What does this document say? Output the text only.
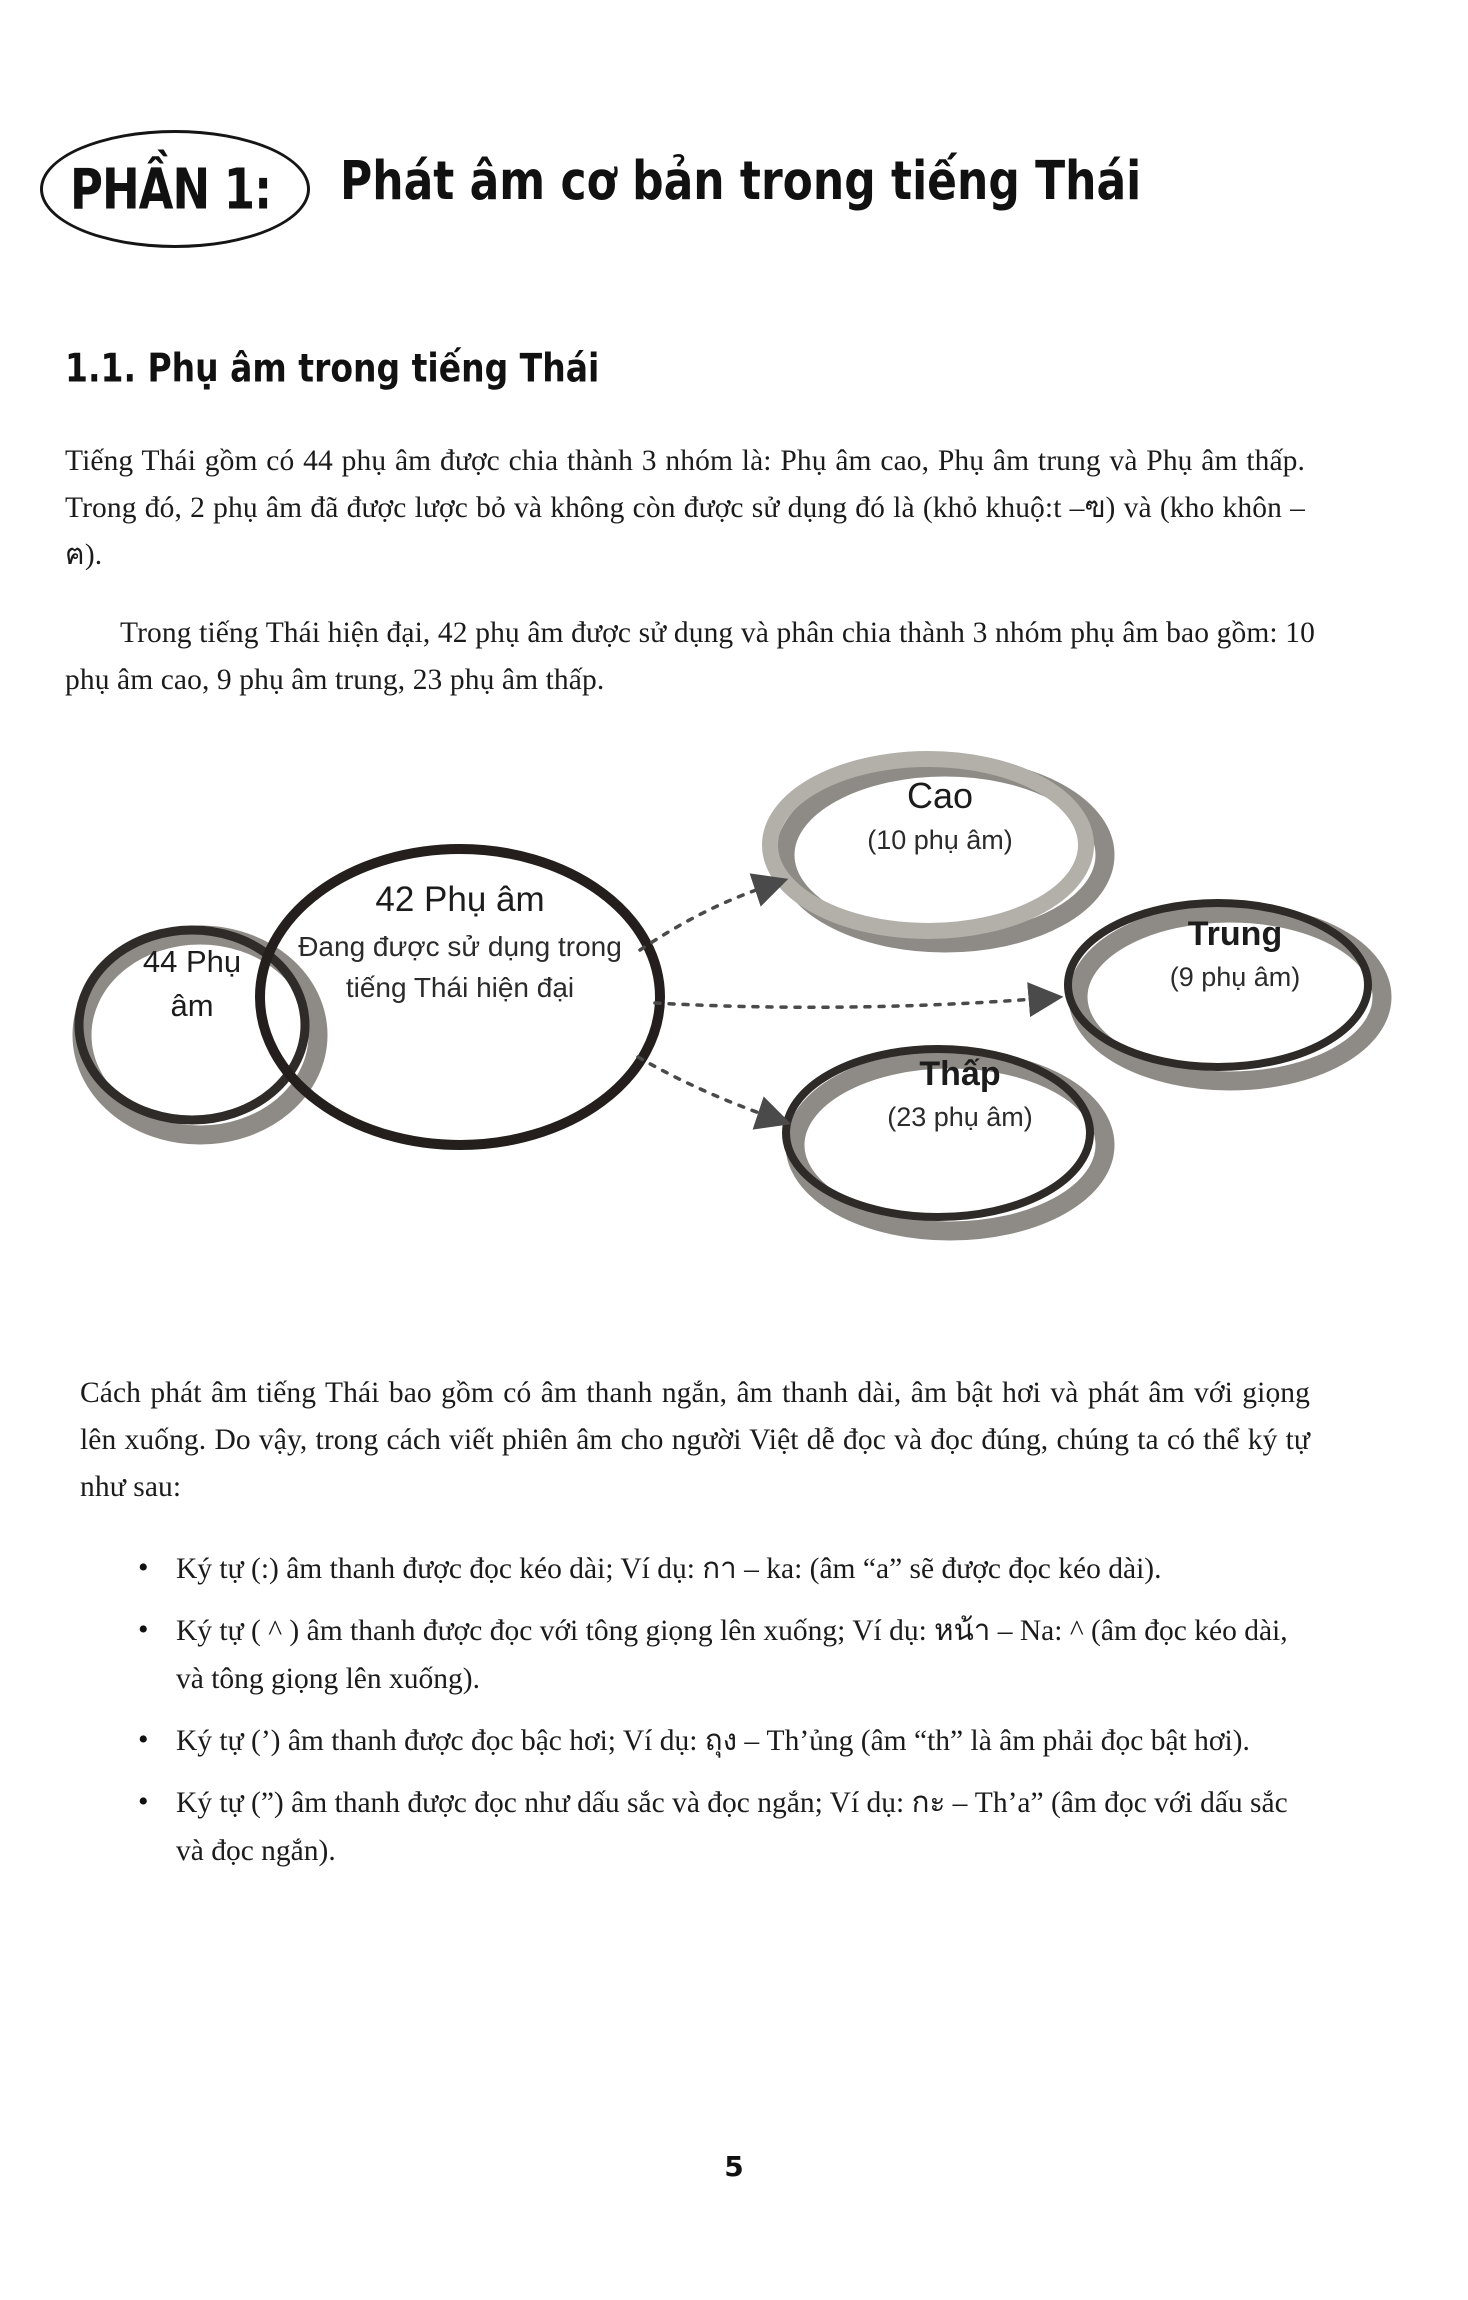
PHẦN 1: Phát âm cơ bản trong tiếng Thái
1.1. Phụ âm trong tiếng Thái
Tiếng Thái gồm có 44 phụ âm được chia thành 3 nhóm là: Phụ âm cao, Phụ âm trung và Phụ âm thấp. Trong đó, 2 phụ âm đã được lược bỏ và không còn được sử dụng đó là (khỏ khuộ:t –ฃ) và (kho khôn –ฅ).
Trong tiếng Thái hiện đại, 42 phụ âm được sử dụng và phân chia thành 3 nhóm phụ âm bao gồm: 10 phụ âm cao, 9 phụ âm trung, 23 phụ âm thấp.
44 Phụ
âm
42 Phụ âm
Đang được sử dụng trong tiếng Thái hiện đại
Cao
(10 phụ âm)
Trung
(9 phụ âm)
Thấp
(23 phụ âm)
Cách phát âm tiếng Thái bao gồm có âm thanh ngắn, âm thanh dài, âm bật hơi và phát âm với giọng lên xuống. Do vậy, trong cách viết phiên âm cho người Việt dễ đọc và đọc đúng, chúng ta có thể ký tự như sau:
• Ký tự (:) âm thanh được đọc kéo dài; Ví dụ: กา – ka: (âm “a” sẽ được đọc kéo dài).
• Ký tự ( ^ ) âm thanh được đọc với tông giọng lên xuống; Ví dụ: หน้า – Na: ^ (âm đọc kéo dài, và tông giọng lên xuống).
• Ký tự (’) âm thanh được đọc bậc hơi; Ví dụ: ถุง – Th’ủng (âm “th” là âm phải đọc bật hơi).
• Ký tự (”) âm thanh được đọc như dấu sắc và đọc ngắn; Ví dụ: กะ – Th’a” (âm đọc với dấu sắc và đọc ngắn).
5
